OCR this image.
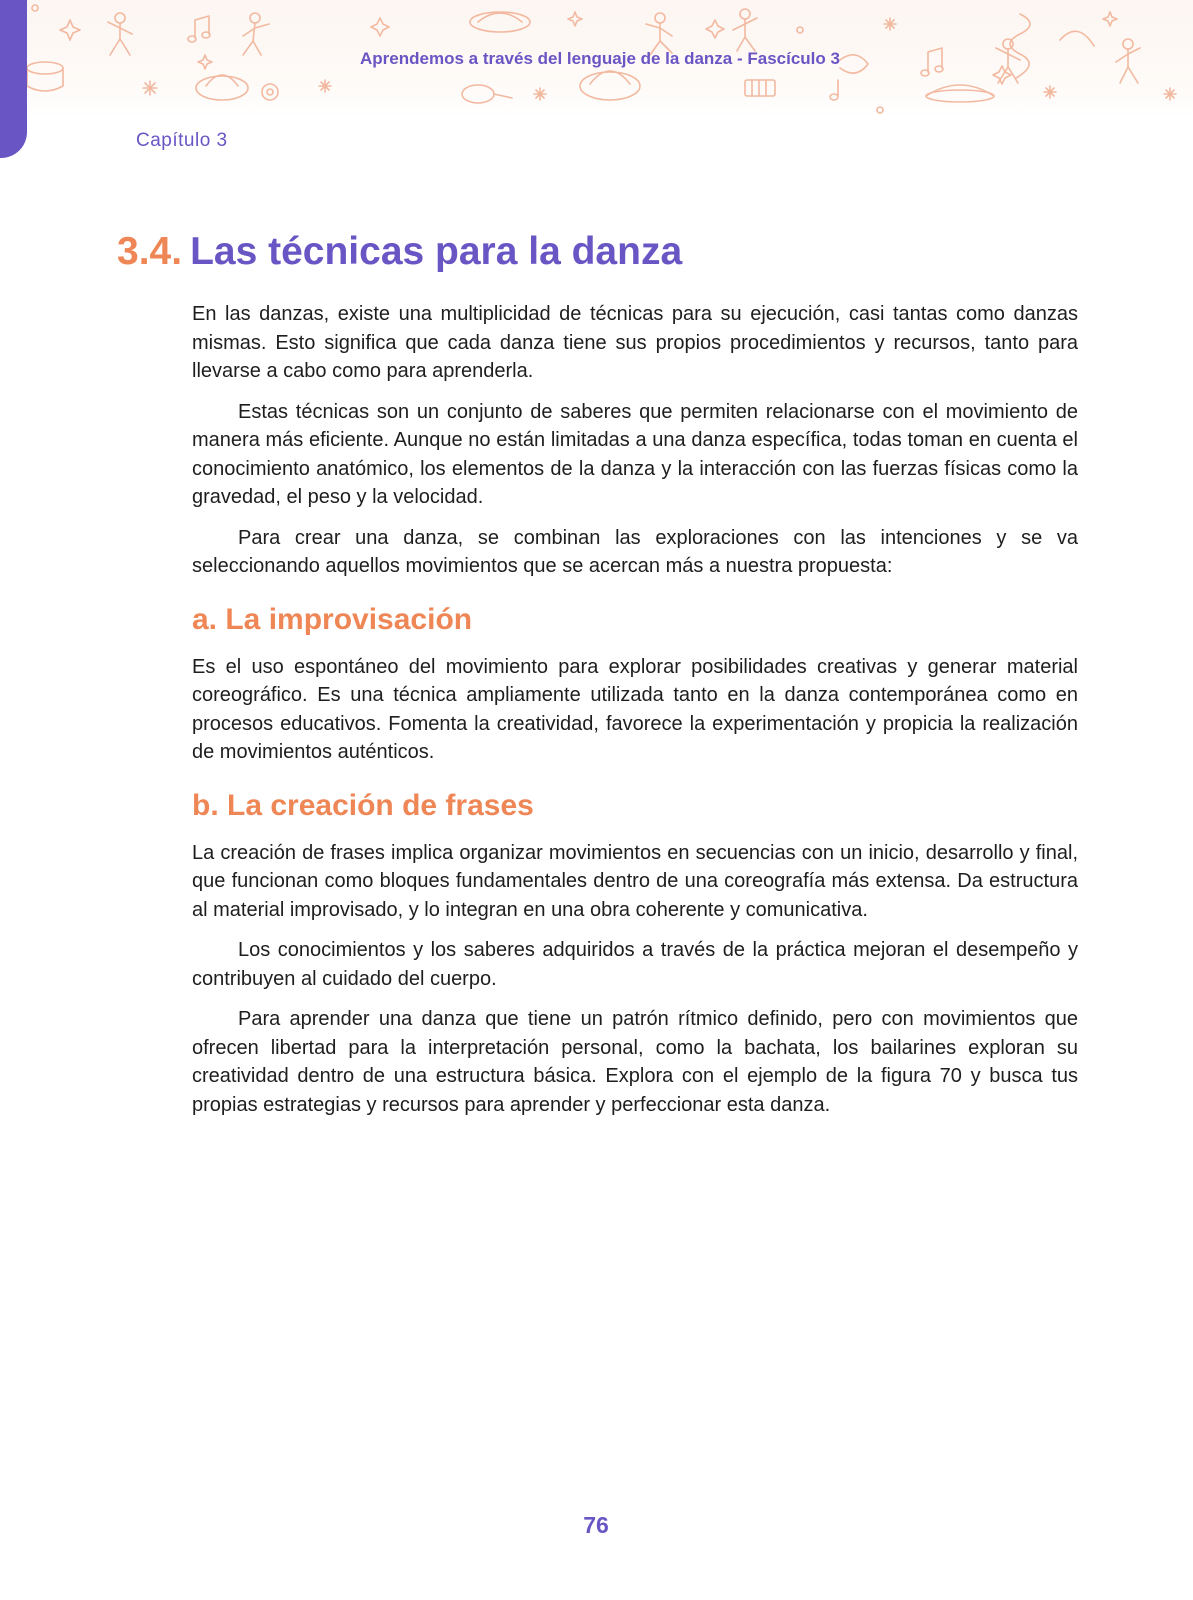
Aprendemos a través del lenguaje de la danza - Fascículo 3
Capítulo 3
3.4. Las técnicas para la danza

En las danzas, existe una multiplicidad de técnicas para su ejecución, casi tantas como danzas mismas. Esto significa que cada danza tiene sus propios procedimientos y recursos, tanto para llevarse a cabo como para aprenderla.

Estas técnicas son un conjunto de saberes que permiten relacionarse con el movimiento de manera más eficiente. Aunque no están limitadas a una danza específica, todas toman en cuenta el conocimiento anatómico, los elementos de la danza y la interacción con las fuerzas físicas como la gravedad, el peso y la velocidad.

Para crear una danza, se combinan las exploraciones con las intenciones y se va seleccionando aquellos movimientos que se acercan más a nuestra propuesta:

a. La improvisación

Es el uso espontáneo del movimiento para explorar posibilidades creativas y generar material coreográfico. Es una técnica ampliamente utilizada tanto en la danza contemporánea como en procesos educativos. Fomenta la creatividad, favorece la experimentación y propicia la realización de movimientos auténticos.

b. La creación de frases

La creación de frases implica organizar movimientos en secuencias con un inicio, desarrollo y final, que funcionan como bloques fundamentales dentro de una coreografía más extensa. Da estructura al material improvisado, y lo integran en una obra coherente y comunicativa.

Los conocimientos y los saberes adquiridos a través de la práctica mejoran el desempeño y contribuyen al cuidado del cuerpo.

Para aprender una danza que tiene un patrón rítmico definido, pero con movimientos que ofrecen libertad para la interpretación personal, como la bachata, los bailarines exploran su creatividad dentro de una estructura básica. Explora con el ejemplo de la figura 70 y busca tus propias estrategias y recursos para aprender y perfeccionar esta danza.

76
